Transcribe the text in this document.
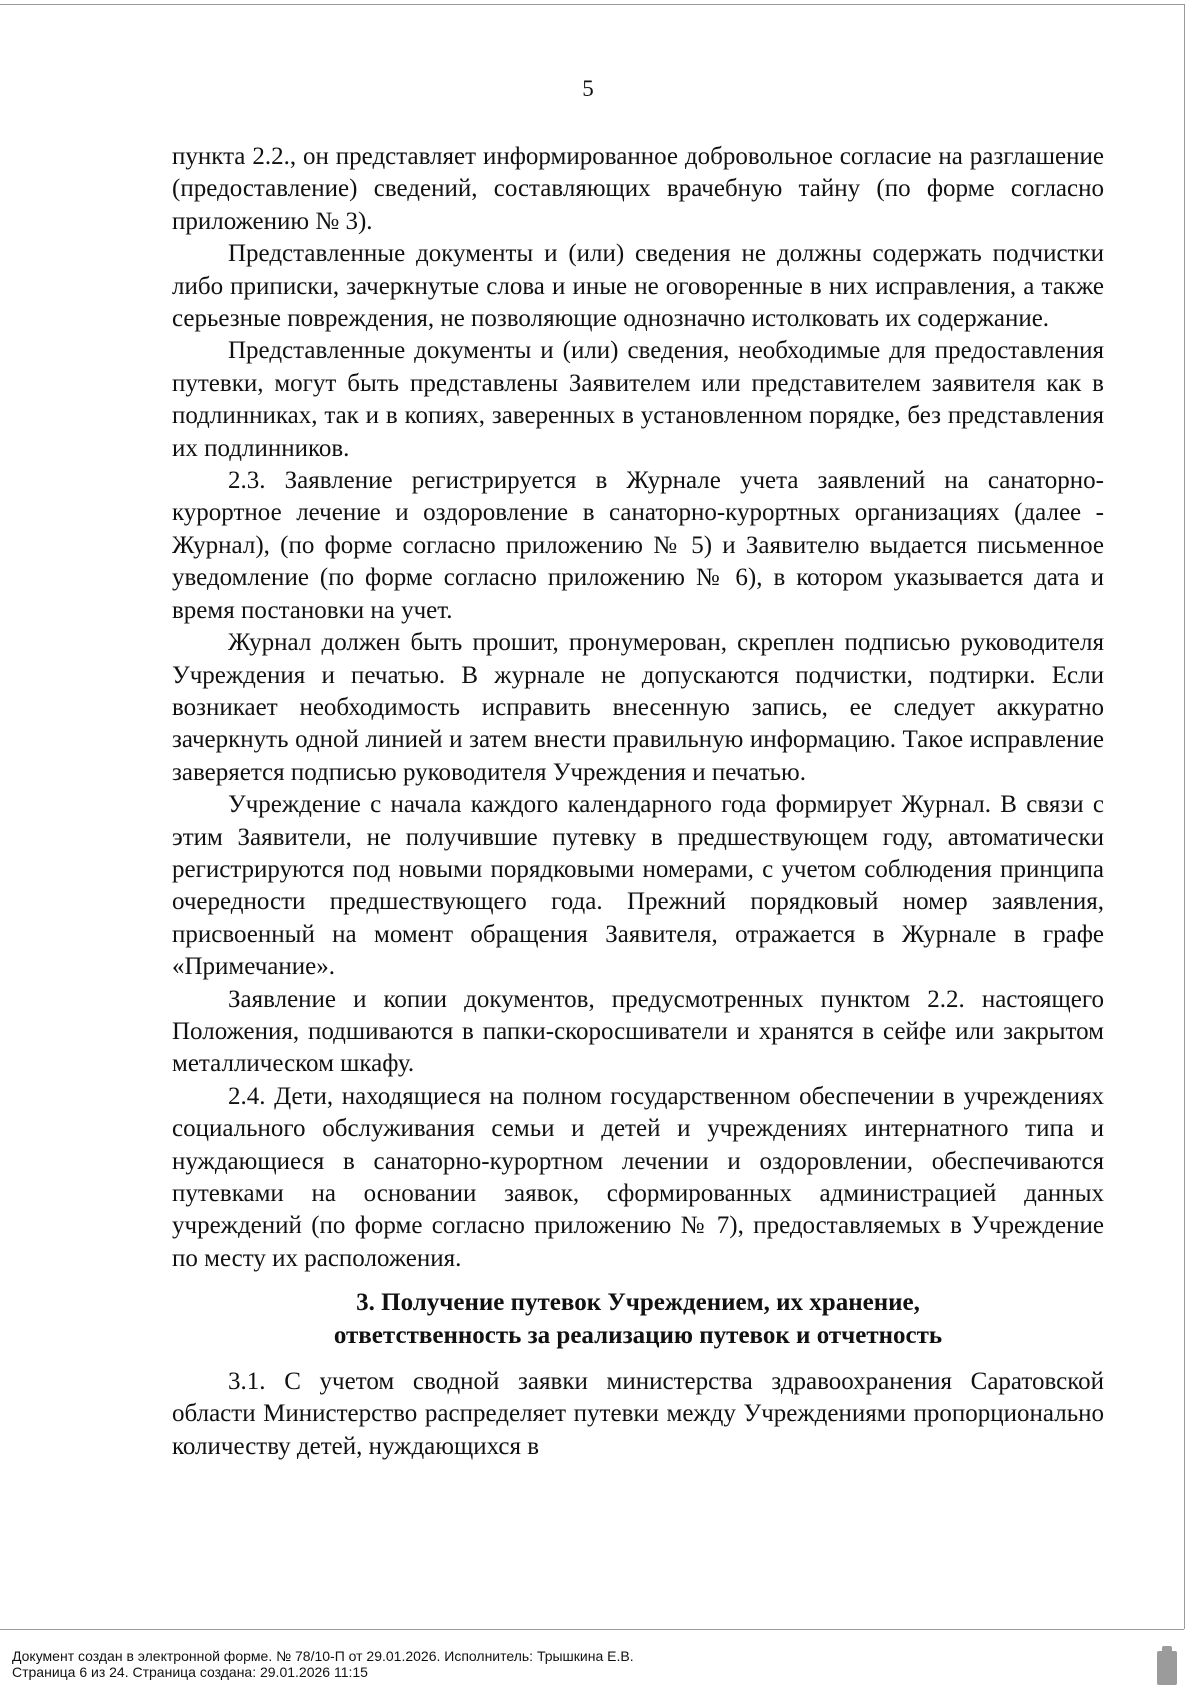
5

пункта 2.2., он представляет информированное добровольное согласие на разглашение (предоставление) сведений, составляющих врачебную тайну (по форме согласно приложению № 3).

Представленные документы и (или) сведения не должны содержать подчистки либо приписки, зачеркнутые слова и иные не оговоренные в них исправления, а также серьезные повреждения, не позволяющие однозначно истолковать их содержание.

Представленные документы и (или) сведения, необходимые для предоставления путевки, могут быть представлены Заявителем или представителем заявителя как в подлинниках, так и в копиях, заверенных в установленном порядке, без представления их подлинников.

2.3. Заявление регистрируется в Журнале учета заявлений на санаторно-курортное лечение и оздоровление в санаторно-курортных организациях (далее - Журнал), (по форме согласно приложению № 5) и Заявителю выдается письменное уведомление (по форме согласно приложению № 6), в котором указывается дата и время постановки на учет.

Журнал должен быть прошит, пронумерован, скреплен подписью руководителя Учреждения и печатью. В журнале не допускаются подчистки, подтирки. Если возникает необходимость исправить внесенную запись, ее следует аккуратно зачеркнуть одной линией и затем внести правильную информацию. Такое исправление заверяется подписью руководителя Учреждения и печатью.

Учреждение с начала каждого календарного года формирует Журнал. В связи с этим Заявители, не получившие путевку в предшествующем году, автоматически регистрируются под новыми порядковыми номерами, с учетом соблюдения принципа очередности предшествующего года. Прежний порядковый номер заявления, присвоенный на момент обращения Заявителя, отражается в Журнале в графе «Примечание».

Заявление и копии документов, предусмотренных пунктом 2.2. настоящего Положения, подшиваются в папки-скоросшиватели и хранятся в сейфе или закрытом металлическом шкафу.

2.4. Дети, находящиеся на полном государственном обеспечении в учреждениях социального обслуживания семьи и детей и учреждениях интернатного типа и нуждающиеся в санаторно-курортном лечении и оздоровлении, обеспечиваются путевками на основании заявок, сформированных администрацией данных учреждений (по форме согласно приложению № 7), предоставляемых в Учреждение по месту их расположения.

3. Получение путевок Учреждением, их хранение,
ответственность за реализацию путевок и отчетность

3.1. С учетом сводной заявки министерства здравоохранения Саратовской области Министерство распределяет путевки между Учреждениями пропорционально количеству детей, нуждающихся в

Документ создан в электронной форме. № 78/10-П от 29.01.2026. Исполнитель: Трышкина Е.В.
Страница 6 из 24. Страница создана: 29.01.2026 11:15
